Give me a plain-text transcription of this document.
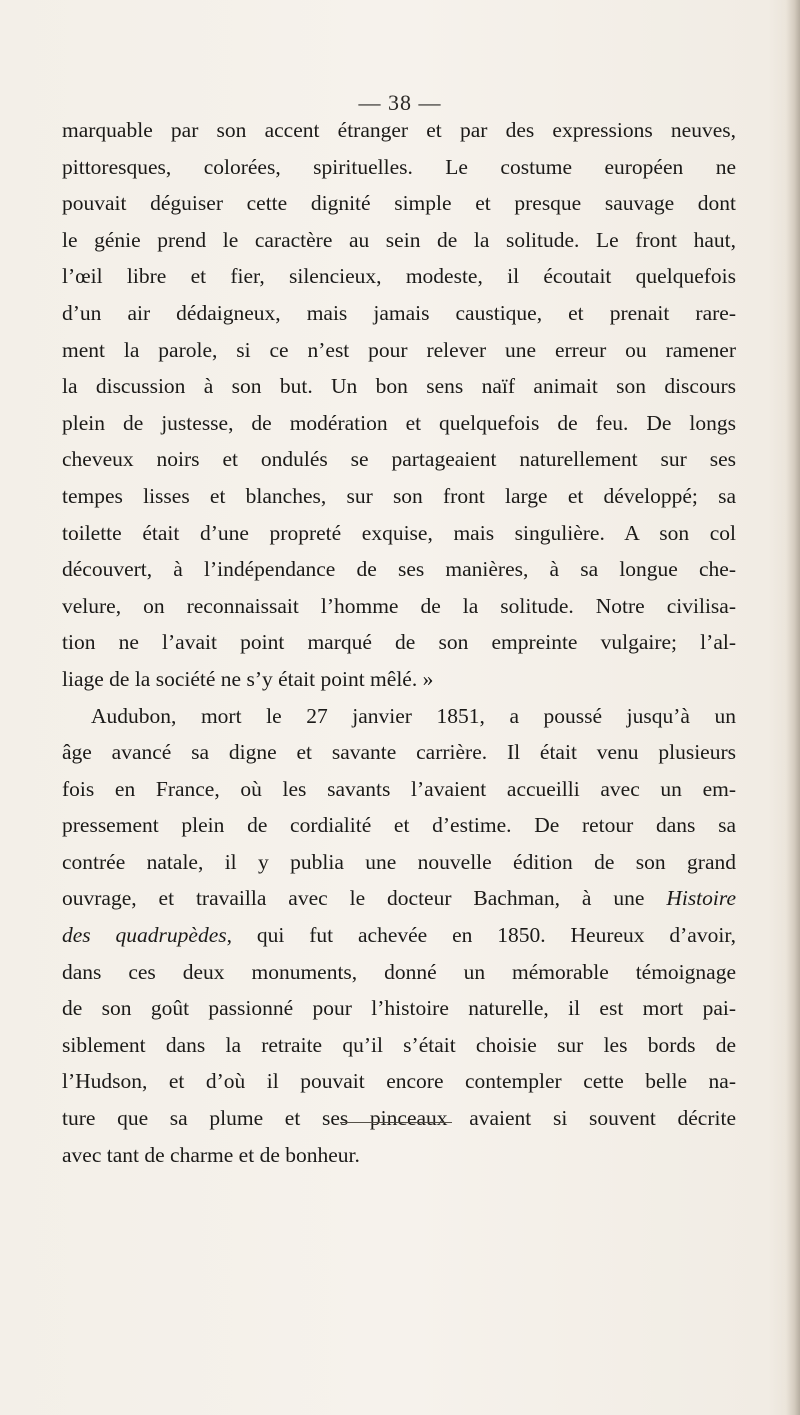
— 38 —
marquable par son accent étranger et par des expressions neuves,
pittoresques, colorées, spirituelles. Le costume européen ne
pouvait déguiser cette dignité simple et presque sauvage dont
le génie prend le caractère au sein de la solitude. Le front haut,
l’œil libre et fier, silencieux, modeste, il écoutait quelquefois
d’un air dédaigneux, mais jamais caustique, et prenait rare-
ment la parole, si ce n’est pour relever une erreur ou ramener
la discussion à son but. Un bon sens naïf animait son discours
plein de justesse, de modération et quelquefois de feu. De longs
cheveux noirs et ondulés se partageaient naturellement sur ses
tempes lisses et blanches, sur son front large et développé; sa
toilette était d’une propreté exquise, mais singulière. A son col
découvert, à l’indépendance de ses manières, à sa longue che-
velure, on reconnaissait l’homme de la solitude. Notre civilisa-
tion ne l’avait point marqué de son empreinte vulgaire; l’al-
liage de la société ne s’y était point mêlé. »
Audubon, mort le 27 janvier 1851, a poussé jusqu’à un
âge avancé sa digne et savante carrière. Il était venu plusieurs
fois en France, où les savants l’avaient accueilli avec un em-
pressement plein de cordialité et d’estime. De retour dans sa
contrée natale, il y publia une nouvelle édition de son grand
ouvrage, et travailla avec le docteur Bachman, à une Histoire
des quadrupèdes, qui fut achevée en 1850. Heureux d’avoir,
dans ces deux monuments, donné un mémorable témoignage
de son goût passionné pour l’histoire naturelle, il est mort pai-
siblement dans la retraite qu’il s’était choisie sur les bords de
l’Hudson, et d’où il pouvait encore contempler cette belle na-
ture que sa plume et ses pinceaux avaient si souvent décrite
avec tant de charme et de bonheur.
